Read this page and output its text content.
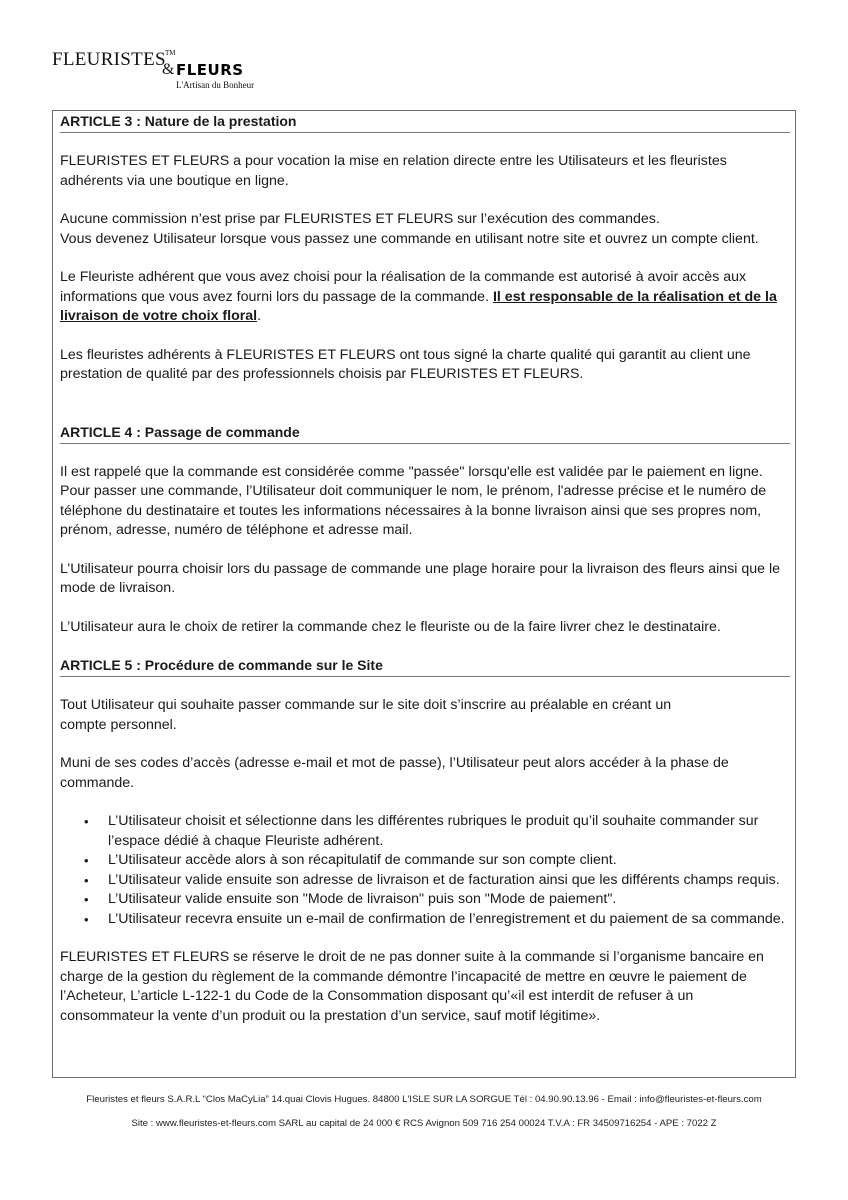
FLEURISTES TM
& FLEURS
L'Artisan du Bonheur
ARTICLE 3 : Nature de la prestation

FLEURISTES ET FLEURS a pour vocation la mise en relation directe entre les Utilisateurs et les fleuristes adhérents via une boutique en ligne.

Aucune commission n’est prise par FLEURISTES ET FLEURS sur l’exécution des commandes.

Vous devenez Utilisateur lorsque vous passez une commande en utilisant notre site et ouvrez un compte client.

Le Fleuriste adhérent que vous avez choisi pour la réalisation de la commande est autorisé à avoir accès aux informations que vous avez fourni lors du passage de la commande. Il est responsable de la réalisation et de la livraison de votre choix floral.

Les fleuristes adhérents à FLEURISTES ET FLEURS ont tous signé la charte qualité qui garantit au client une prestation de qualité par des professionnels choisis par FLEURISTES ET FLEURS.

ARTICLE 4 : Passage de commande

Il est rappelé que la commande est considérée comme "passée" lorsqu'elle est validée par le paiement en ligne.

Pour passer une commande, l’Utilisateur doit communiquer le nom, le prénom, l'adresse précise et le numéro de téléphone du destinataire et toutes les informations nécessaires à la bonne livraison ainsi que ses propres nom, prénom, adresse, numéro de téléphone et adresse mail.

L’Utilisateur pourra choisir lors du passage de commande une plage horaire pour la livraison des fleurs ainsi que le mode de livraison.

L’Utilisateur aura le choix de retirer la commande chez le fleuriste ou de la faire livrer chez le destinataire.

ARTICLE 5 : Procédure de commande sur le Site

Tout Utilisateur qui souhaite passer commande sur le site doit s’inscrire au préalable en créant un

compte personnel.

Muni de ses codes d’accès (adresse e-mail et mot de passe), l’Utilisateur peut alors accéder à la phase de commande.

• L’Utilisateur choisit et sélectionne dans les différentes rubriques le produit qu’il souhaite commander sur l’espace dédié à chaque Fleuriste adhérent.
• L’Utilisateur accède alors à son récapitulatif de commande sur son compte client.
• L’Utilisateur valide ensuite son adresse de livraison et de facturation ainsi que les différents champs requis.
• L’Utilisateur valide ensuite son "Mode de livraison" puis son "Mode de paiement".
• L’Utilisateur recevra ensuite un e-mail de confirmation de l’enregistrement et du paiement de sa commande.

FLEURISTES ET FLEURS se réserve le droit de ne pas donner suite à la commande si l’organisme bancaire en charge de la gestion du règlement de la commande démontre l’incapacité de mettre en œuvre le paiement de l’Acheteur, L’article L-122-1 du Code de la Consommation disposant qu’«il est interdit de refuser à un consommateur la vente d’un produit ou la prestation d’un service, sauf motif légitime».

Fleuristes et fleurs S.A.R.L “Clos MaCyLia” 14.quai Clovis Hugues. 84800 L'ISLE SUR LA SORGUE Tél : 04.90.90.13.96 - Email : info@fleuristes-et-fleurs.com
Site : www.fleuristes-et-fleurs.com SARL au capital de 24 000 € RCS Avignon 509 716 254 00024 T.V.A : FR 34509716254 - APE : 7022 Z
